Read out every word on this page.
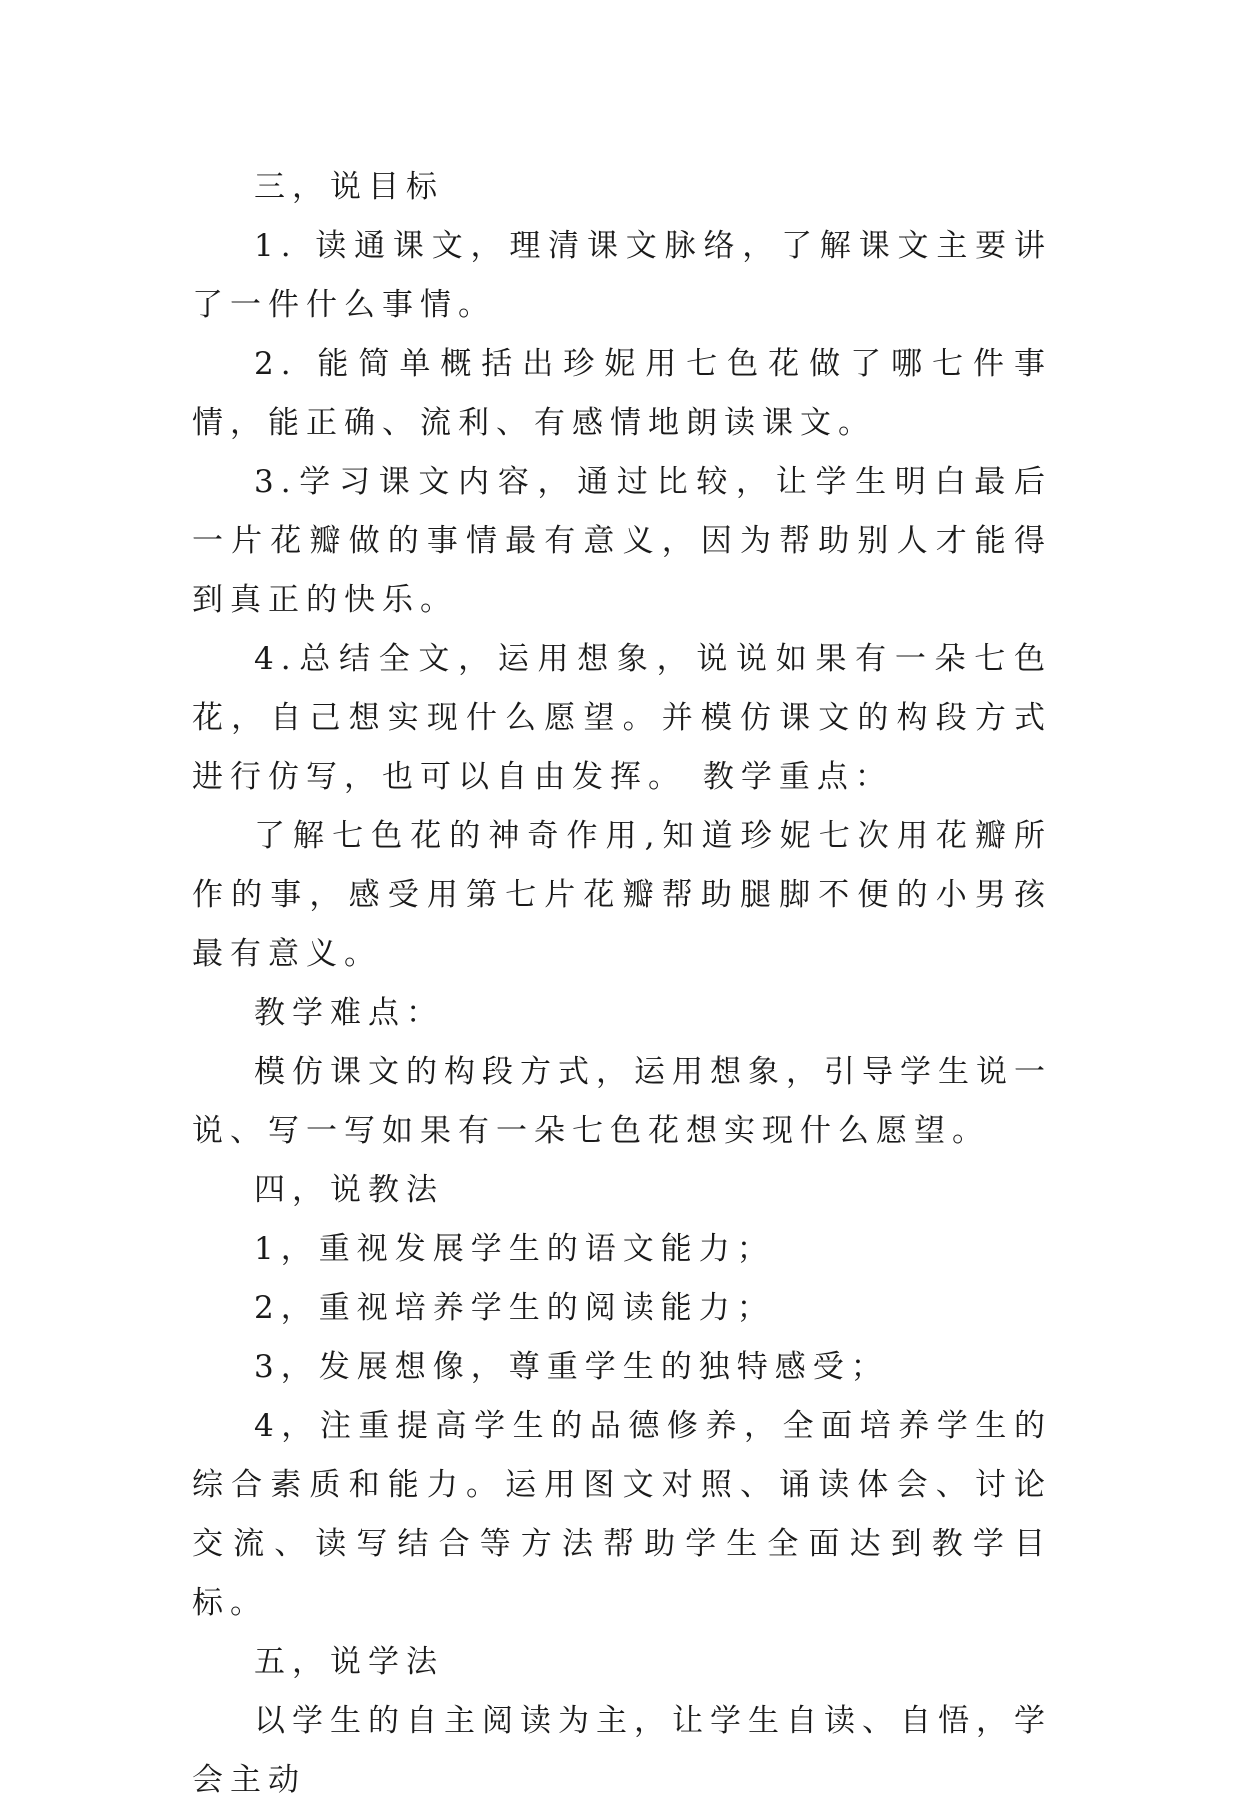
三，说目标

1. 读通课文，理清课文脉络，了解课文主要讲了一件什么事情。

2. 能简单概括出珍妮用七色花做了哪七件事情，能正确、流利、有感情地朗读课文。

3.学习课文内容，通过比较，让学生明白最后一片花瓣做的事情最有意义，因为帮助别人才能得到真正的快乐。

4.总结全文，运用想象，说说如果有一朵七色花，自己想实现什么愿望。并模仿课文的构段方式进行仿写，也可以自由发挥。 教学重点：

了解七色花的神奇作用,知道珍妮七次用花瓣所作的事，感受用第七片花瓣帮助腿脚不便的小男孩最有意义。

教学难点：

模仿课文的构段方式，运用想象，引导学生说一说、写一写如果有一朵七色花想实现什么愿望。

四，说教法

1，重视发展学生的语文能力；

2，重视培养学生的阅读能力；

3，发展想像，尊重学生的独特感受；

4，注重提高学生的品德修养，全面培养学生的综合素质和能力。运用图文对照、诵读体会、讨论交流、读写结合等方法帮助学生全面达到教学目标。

五，说学法

以学生的自主阅读为主，让学生自读、自悟，学会主动
